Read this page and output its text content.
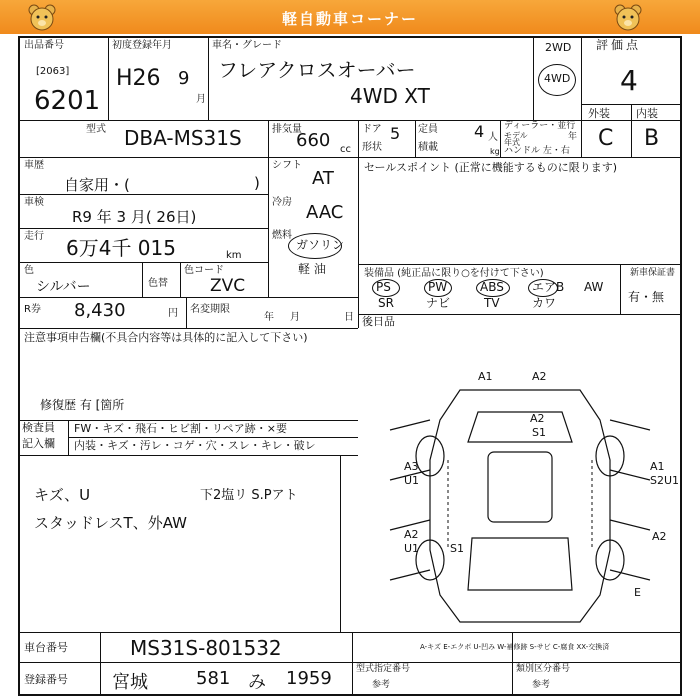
軽自動車コーナー
出品番号
[2063]
6201
初度登録年月
H26 9
月
車名・グレード
フレアクロスオーバー
4WD XT
2WD
4WD
評価点
4
外装 内装
C B
型式 DBA-MS31S	排気量
660 cc
ドア 5 定員 4 人
形状	積載	kg
ディーラー・並行
モデル
年式
年
ハンドル 左・右
車歴
自家用・(	)
シフト
AT
車検
R9 年 3 月( 26日)
冷房 AAC
走行 6万4千 015	km
燃料
ガソリン
軽 油
色
シルバー	色替
色コード
ZVC
R券 8,430	円 名変期限
年 月	日
セールスポイント (正常に機能するものに限ります)
装備品 (純正品に限り○を付けて下さい)	新車保証書
有・無
PS	PW	ABS エアB AW
SR	ナビ	TV	カワ
後日品
注意事項申告欄(不具合内容等は具体的に記入して下さい)
修復歴 有 [箇所
検査員
記入欄
FW・キズ・飛石・ヒビ割・リペア跡・×要
内装・キズ・汚レ・コゲ・穴・スレ・キレ・破レ
キズ、U
スタッドレスT、外AW
下2塩リ S.Pアト
A1	A2
A2
S1
A3
U1
A1
S2U1
A2
U1	S1
A2
E
A-キズ E-エクボ U-凹み W-補修跡 S-サビ C-腐食 XX-交換済
車台番号	MS31S-801532
登録番号 宮城	581 み 1959	型式指定番号
参考
類別区分番号
参考
